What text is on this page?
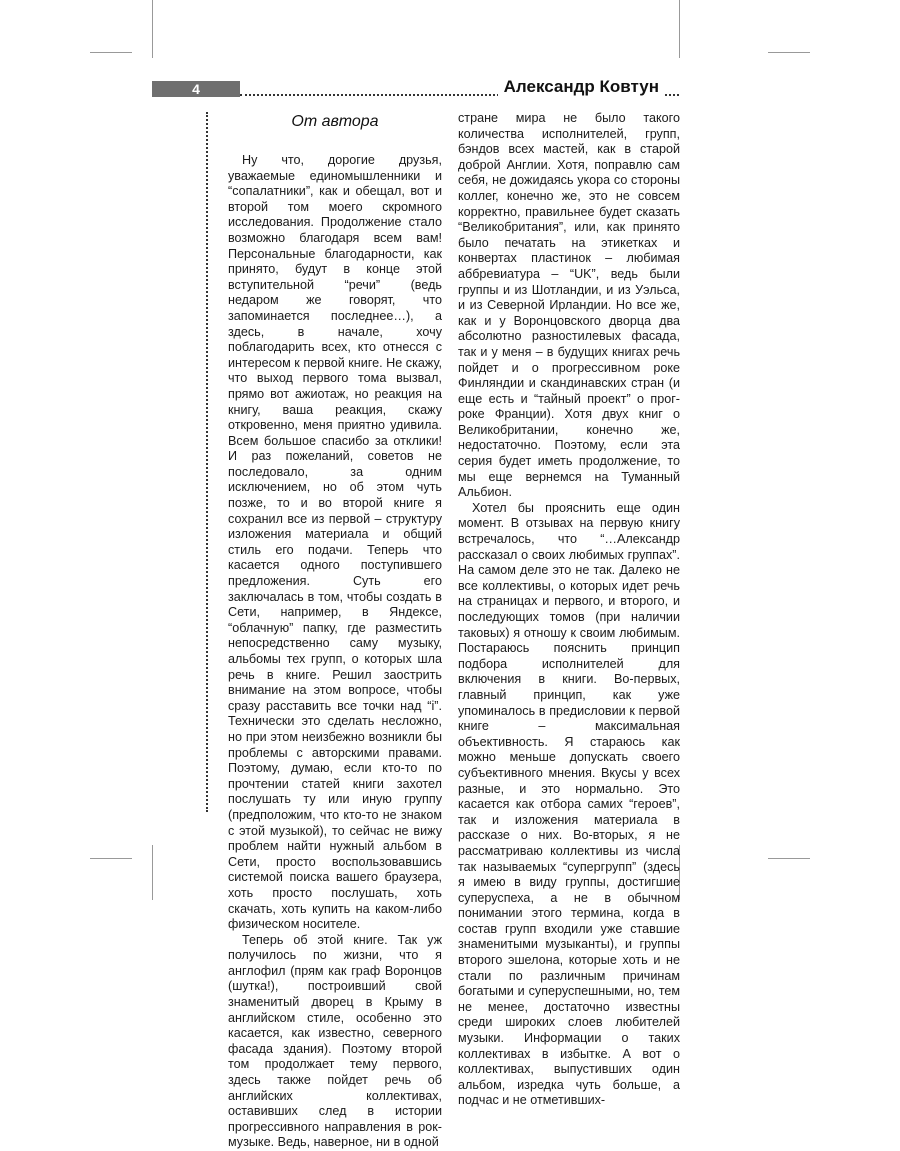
4	Александр Ковтун
От автора

Ну что, дорогие друзья, уважаемые единомышленники и “сопалатники”, как и обещал, вот и второй том моего скромного исследования. Продолжение стало возможно благодаря всем вам! Персональные благодарности, как принято, будут в конце этой вступительной “речи” (ведь недаром же говорят, что запоминается последнее…), а здесь, в начале, хочу поблагодарить всех, кто отнесся с интересом к первой книге. Не скажу, что выход первого тома вызвал, прямо вот ажиотаж, но реакция на книгу, ваша реакция, скажу откровенно, меня приятно удивила. Всем большое спасибо за отклики! И раз пожеланий, советов не последовало, за одним исключением, но об этом чуть позже, то и во второй книге я сохранил все из первой – структуру изложения материала и общий стиль его подачи. Теперь что касается одного поступившего предложения. Суть его заключалась в том, чтобы создать в Сети, например, в Яндексе, “облачную” папку, где разместить непосредственно саму музыку, альбомы тех групп, о которых шла речь в книге. Решил заострить внимание на этом вопросе, чтобы сразу расставить все точки над “i”. Технически это сделать несложно, но при этом неизбежно возникли бы проблемы с авторскими правами. Поэтому, думаю, если кто-то по прочтении статей книги захотел послушать ту или иную группу (предположим, что кто-то не знаком с этой музыкой), то сейчас не вижу проблем найти нужный альбом в Сети, просто воспользовавшись системой поиска вашего браузера, хоть просто послушать, хоть скачать, хоть купить на каком-либо физическом носителе.

Теперь об этой книге. Так уж получилось по жизни, что я англофил (прям как граф Воронцов (шутка!), построивший свой знаменитый дворец в Крыму в английском стиле, особенно это касается, как известно, северного фасада здания). Поэтому второй том продолжает тему первого, здесь также пойдет речь об английских коллективах, оставивших след в истории прогрессивного направления в рок-музыке. Ведь, наверное, ни в одной

стране мира не было такого количества исполнителей, групп, бэндов всех мастей, как в старой доброй Англии. Хотя, поправлю сам себя, не дожидаясь укора со стороны коллег, конечно же, это не совсем корректно, правильнее будет сказать “Великобритания”, или, как принято было печатать на этикетках и конвертах пластинок – любимая аббревиатура – “UK”, ведь были группы и из Шотландии, и из Уэльса, и из Северной Ирландии. Но все же, как и у Воронцовского дворца два абсолютно разностилевых фасада, так и у меня – в будущих книгах речь пойдет и о прогрессивном роке Финляндии и скандинавских стран (и еще есть и “тайный проект” о прог-роке Франции). Хотя двух книг о Великобритании, конечно же, недостаточно. Поэтому, если эта серия будет иметь продолжение, то мы еще вернемся на Туманный Альбион.

Хотел бы прояснить еще один момент. В отзывах на первую книгу встречалось, что “…Александр рассказал о своих любимых группах”. На самом деле это не так. Далеко не все коллективы, о которых идет речь на страницах и первого, и второго, и последующих томов (при наличии таковых) я отношу к своим любимым. Постараюсь пояснить принцип подбора исполнителей для включения в книги. Во-первых, главный принцип, как уже упоминалось в предисловии к первой книге – максимальная объективность. Я стараюсь как можно меньше допускать своего субъективного мнения. Вкусы у всех разные, и это нормально. Это касается как отбора самих “героев”, так и изложения материала в рассказе о них. Во-вторых, я не рассматриваю коллективы из числа так называемых “супергрупп” (здесь я имею в виду группы, достигшие суперуспеха, а не в обычном понимании этого термина, когда в состав групп входили уже ставшие знаменитыми музыканты), и группы второго эшелона, которые хоть и не стали по различным причинам богатыми и суперуспешными, но, тем не менее, достаточно известны среди широких слоев любителей музыки. Информации о таких коллективах в избытке. А вот о коллективах, выпустивших один альбом, изредка чуть больше, а подчас и не отметивших-
